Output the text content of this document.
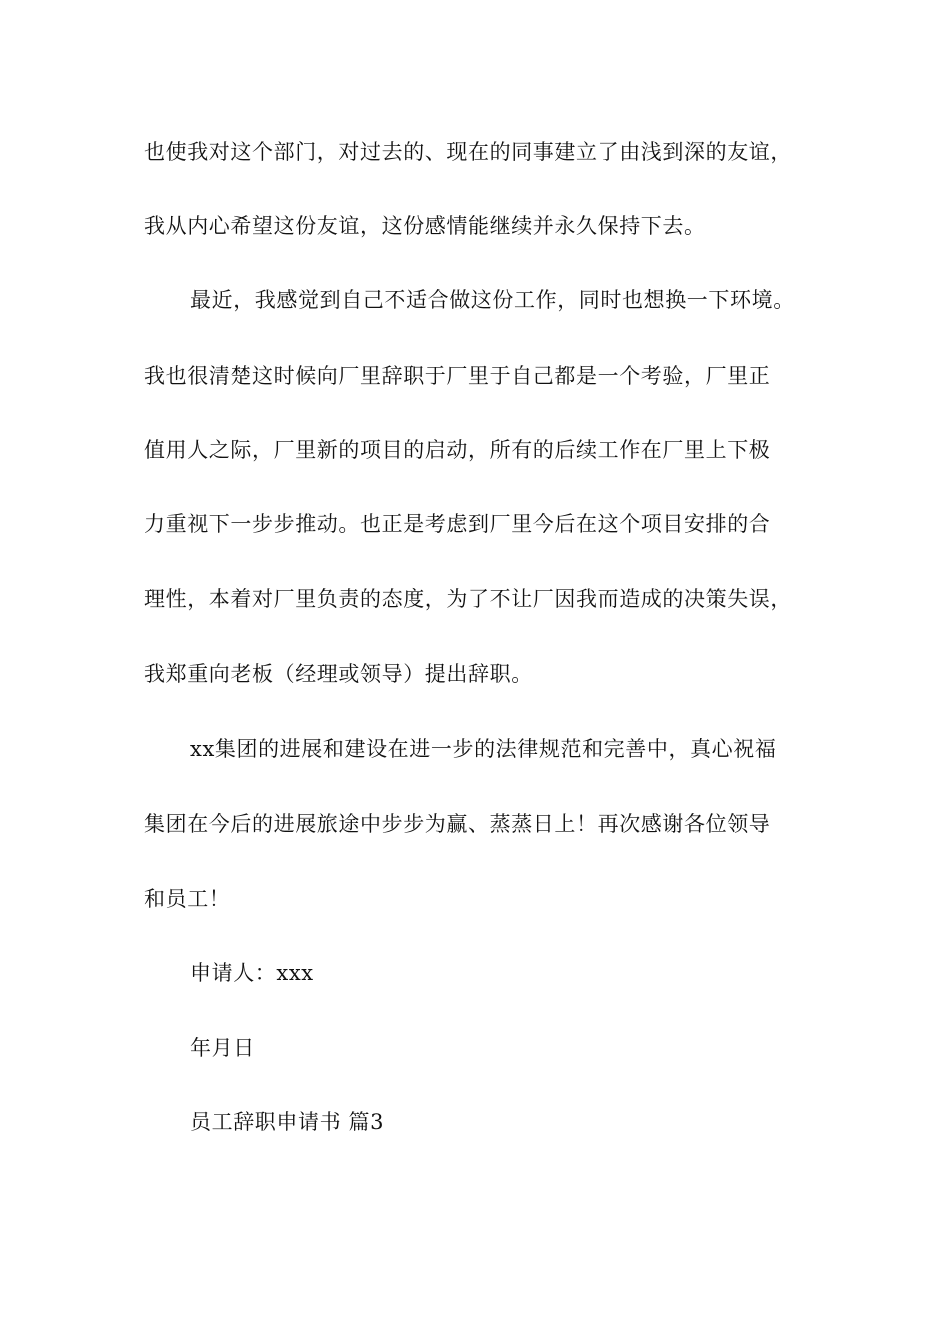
也使我对这个部门，对过去的、现在的同事建立了由浅到深的友谊，
我从内心希望这份友谊，这份感情能继续并永久保持下去。
最近，我感觉到自己不适合做这份工作，同时也想换一下环境。
我也很清楚这时候向厂里辞职于厂里于自己都是一个考验，厂里正
值用人之际，厂里新的项目的启动，所有的后续工作在厂里上下极
力重视下一步步推动。也正是考虑到厂里今后在这个项目安排的合
理性，本着对厂里负责的态度，为了不让厂因我而造成的决策失误，
我郑重向老板（经理或领导）提出辞职。
xx集团的进展和建设在进一步的法律规范和完善中，真心祝福
集团在今后的进展旅途中步步为赢、蒸蒸日上！再次感谢各位领导
和员工！
申请人：xxx
年月日
员工辞职申请书 篇3
